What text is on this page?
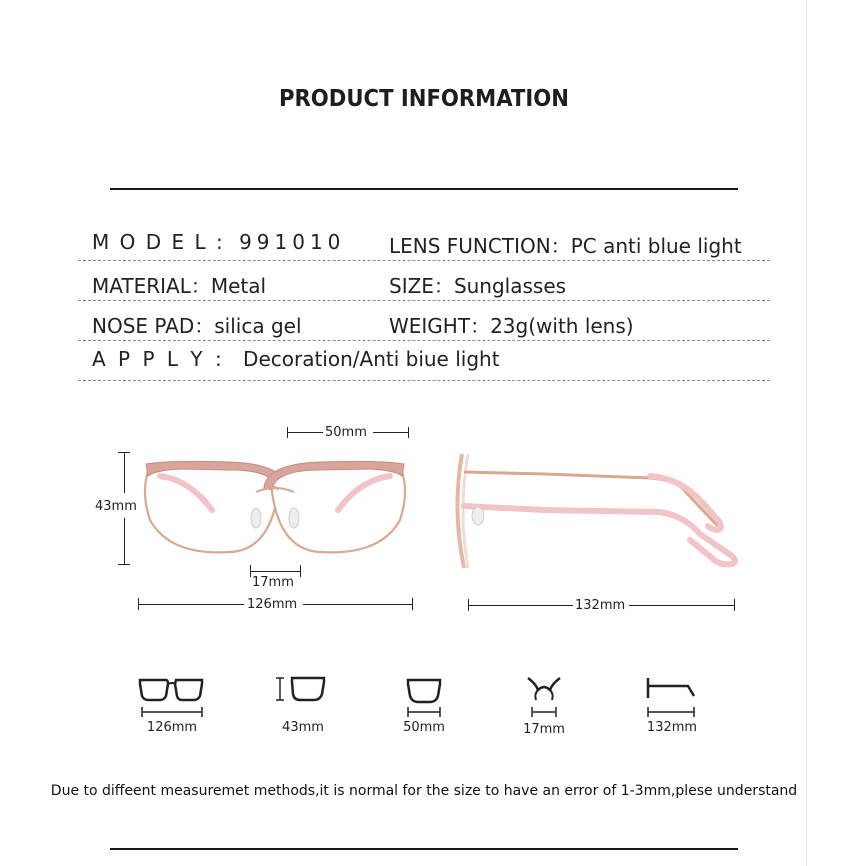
PRODUCT INFORMATION
M O D E L : 991010 LENS FUNCTION：PC anti blue light
MATERIAL：Metal	SIZE：Sunglasses
NOSE PAD：silica gel	WEIGHT：23g(with lens)
A P P L Y : Decoration/Anti biue light
50mm
43mm
17mm
126mm	132mm
126mm	43mm	50mm	17mm	132mm
Due to diffeent measuremet methods,it is normal for the size to have an error of 1-3mm,plese understand
